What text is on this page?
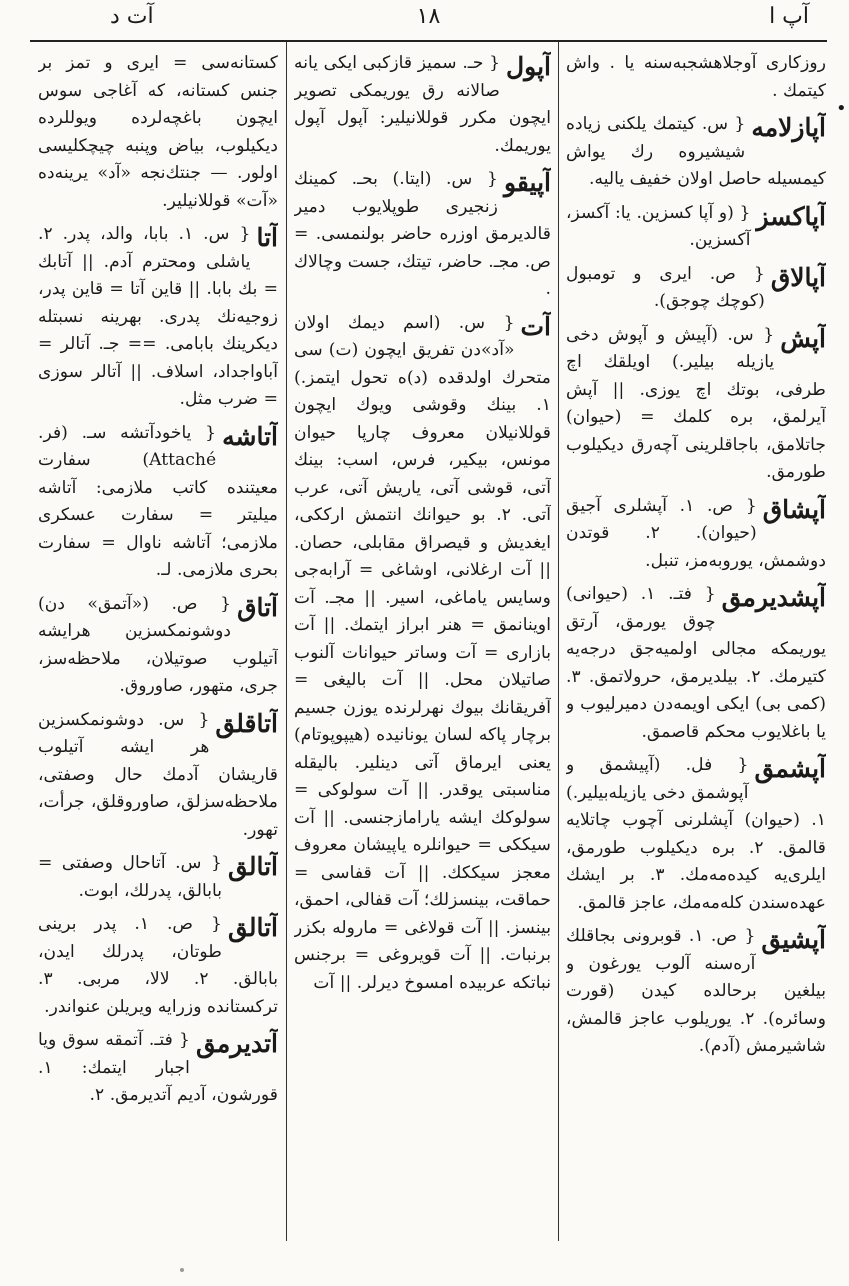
آپ ا
۱۸
آت د
•
روزکاری آوجلاهشجبه‌سنه یا . واش کیتمك .
آپازلامه
{ س. کیتمك یلکنی زیاده شیشیروه رك یواش کیمسیله حاصل اولان خفیف یالیه.
آپاکسز
{ (و آپا کسزین. یا: آکسز، آکسزین.
آپالاق
{ ص. ایری و تومبول (کوچك چوجق).
آپش
{ س. (آپیش و آپوش دخی یازیله بیلیر.) اویلقك اچ طرفی، بوتك اچ یوزی. || آپش آیرلمق، بره کلمك = (حیوان) جاتلامق، باجاقلرینی آچه‌رق دیکیلوب طورمق.
آپشاق
{ ص. ۱. آپشلری آجیق (حیوان). ۲. قوتدن دوشمش، یوروبه‌مز، تنبل.
آپشدیرمق
{ فتـ. ۱. (حیوانی) چوق یورمق، آرتق یوریمکه مجالی اولمیه‌جق درجه‌یه کتیرمك. ۲. بیلدیرمق، حرولاتمق. ۳. (کمی بی) ایکی اویمه‌دن دمیرلیوب و یا باغلایوب محکم قاصمق.
آپشمق
{ فل. (آپیشمق و آپوشمق دخی یازیله‌بیلیر.) ۱. (حیوان) آپشلرنی آچوب چاتلایه قالمق. ۲. بره دیکیلوب طورمق، ایلری‌یه کیده‌مه‌مك. ۳. بر ایشك عهده‌سندن کله‌مه‌مك، عاجز قالمق.
آپشیق
{ ص. ۱. قوبرونی بجاقلك آره‌سنه آلوب یورغون و بیلغین برحالده کیدن (قورت وسائره). ۲. یوریلوب عاجز قالمش، شاشیرمش (آدم).
آپول
{ حـ. سمیز قازکبی ایکی یانه صالانه رق یوریمکی تصویر ایچون مکرر قوللانیلیر: آپول آپول یوریمك.
آپیقو
{ س. (ایتا.) بحـ. کمینك زنجیری طوپلایوب دمیر قالدیرمق اوزره حاضر بولنمسی. = ص. مجـ. حاضر، تیتك، جست وچالاك .
آت
{ س. (اسم دیمك اولان «آد»دن تفریق ایچون (ت) سی متحرك اولدقده (د)ه تحول ایتمز.) ۱. بینك وقوشی ویوك ایچون قوللانیلان معروف چارپا حیوان مونس، بیکیر، فرس، اسب: بینك آتی، قوشی آتی، یاریش آتی، عرب آتی. ۲. بو حیوانك انتمش ارککی، ایغدیش و قیصراق مقابلی، حصان. || آت ارغلانی، اوشاغی = آرابه‌جی وسایس یاماغی، اسیر. || مجـ. آت اوینانمق = هنر ابراز ایتمك. || آت بازاری = آت وساتر حیوانات آلنوب صاتیلان محل. || آت بالیغی = آفریقانك بیوك نهرلرنده یوزن جسیم برچار پاکه لسان یونانیده (هیپوپوتام) یعنی ایرماق آتی دینلیر. بالیقله مناسبتی یوقدر. || آت سولوکی = سولوکك ایشه یارامازجنسی. || آت سیککی = حیوانلره یاپیشان معروف معجز سیککك. || آت قفاسی = حماقت، بینسزلك؛ آت قفالی، احمق، بینسز. || آت قولاغی = ماروله بکزر برنبات. || آت قویروغی = برجنس نباتکه عربیده امسوخ دیرلر. || آت
کستانه‌سی = ایری و تمز بر جنس کستانه، که آغاجی سوس ایچون باغچه‌لرده ویوللرده دیکیلوب، بیاض وپنبه چیچکلیسی اولور. — جنتك‌نجه «آد» یرینه‌ده «آت» قوللانیلیر.
آتا
{ س. ۱. بابا، والد، پدر. ۲. یاشلی ومحترم آدم. || آتابك = بك بابا. || قاین آتا = قاین پدر، زوجیه‌نك پدری. بهرینه نسبتله دیکرینك بابامی. == جـ. آتالر = آباواجداد، اسلاف. || آتالر سوزی = ضرب مثل.
آتاشه
{ یاخودآتشه سـ. (فر. Attaché) سفارت معیتنده کاتب ملازمی: آتاشه میلیتر = سفارت عسکری ملازمی؛ آتاشه ناوال = سفارت بحری ملازمی. لـ.
آتاق
{ ص. («آتمق» دن) دوشونمکسزین هرایشه آتیلوب صوتیلان، ملاحظه‌سز، جری، متهور، صاوروق.
آتاقلق
{ س. دوشونمکسزین هر ایشه آتیلوب قاریشان آدمك حال وصفتی، ملاحظه‌سزلق، صاوروقلق، جرأت، تهور.
آتالق
{ س. آتاحال وصفتی = بابالق، پدرلك، ابوت.
آتالق
{ ص. ۱. پدر برینی طوتان، پدرلك ایدن، بابالق. ۲. لالا، مربی. ۳. ترکستانده وزرایه ویریلن عنواندر.
آتدیرمق
{ فتـ. آتمقه سوق ویا اجبار ایتمك: ۱. قورشون، آدیم آتدیرمق. ۲.
